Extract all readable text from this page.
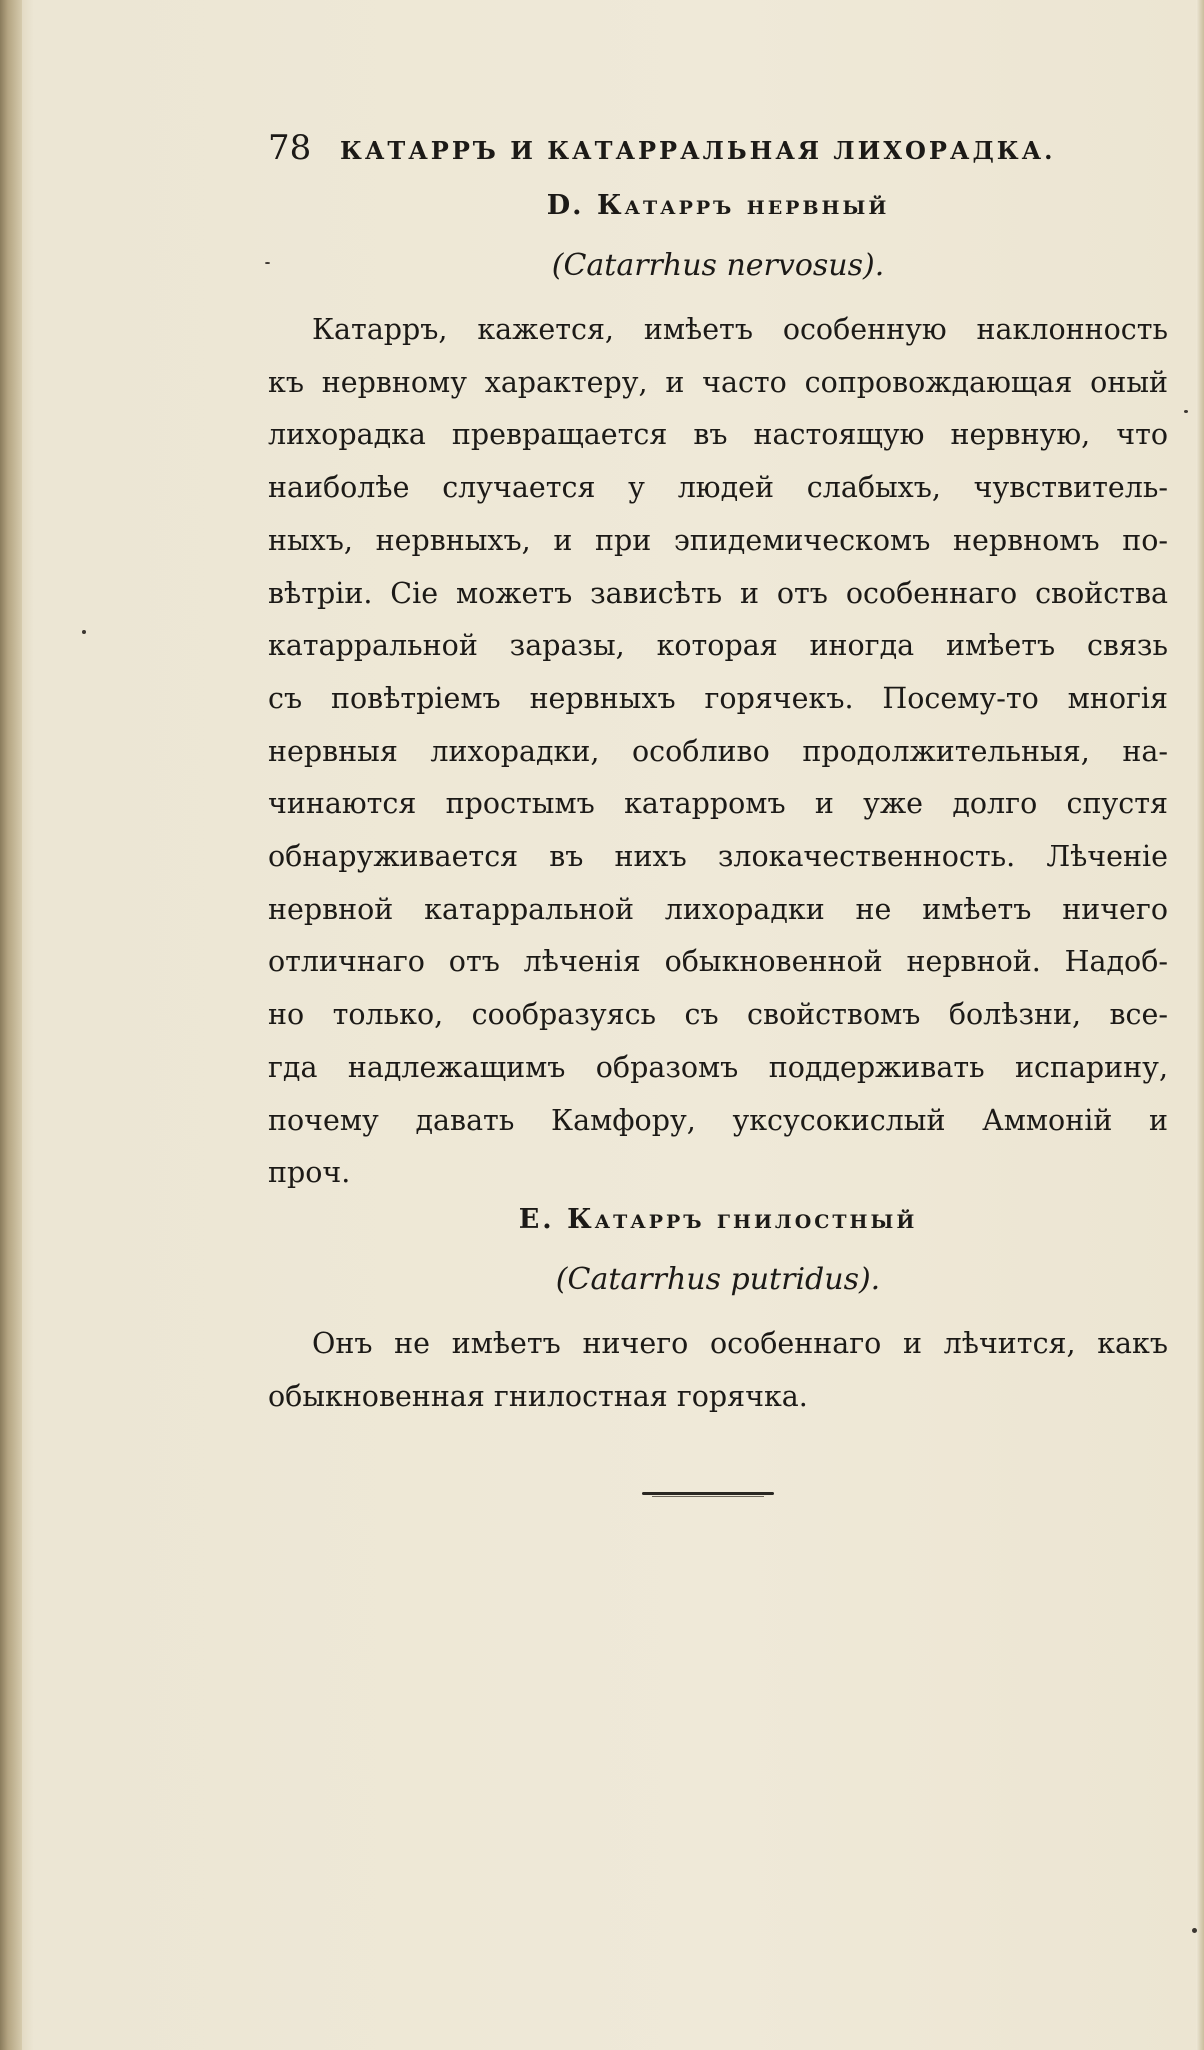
78	КАТАРРЪ И КАТАРРАЛЬНАЯ ЛИХОРАДКА.
D. Катарръ нервный
(Catarrhus nervosus).

Катарръ, кажется, имѣетъ особенную наклонность
къ нервному характеру, и часто сопровождающая оный
лихорадка превращается въ настоящую нервную, что
наиболѣе случается у людей слабыхъ, чувствитель-
ныхъ, нервныхъ, и при эпидемическомъ нервномъ по-
вѣтріи. Сіе можетъ зависѣть и отъ особеннаго свойства
катарральной заразы, которая иногда имѣетъ связь
съ повѣтріемъ нервныхъ горячекъ. Посему-то многія
нервныя лихорадки, особливо продолжительныя, на-
чинаются простымъ катарромъ и уже долго спустя
обнаруживается въ нихъ злокачественность. Лѣченіе
нервной катарральной лихорадки не имѣетъ ничего
отличнаго отъ лѣченія обыкновенной нервной. Надоб-
но только, сообразуясь съ свойствомъ болѣзни, все-
гда надлежащимъ образомъ поддерживать испарину,
почему давать Камфору, уксусокислый Аммоній и
проч.

E. Катарръ гнилостный
(Catarrhus putridus).

Онъ не имѣетъ ничего особеннаго и лѣчится, какъ
обыкновенная гнилостная горячка.
